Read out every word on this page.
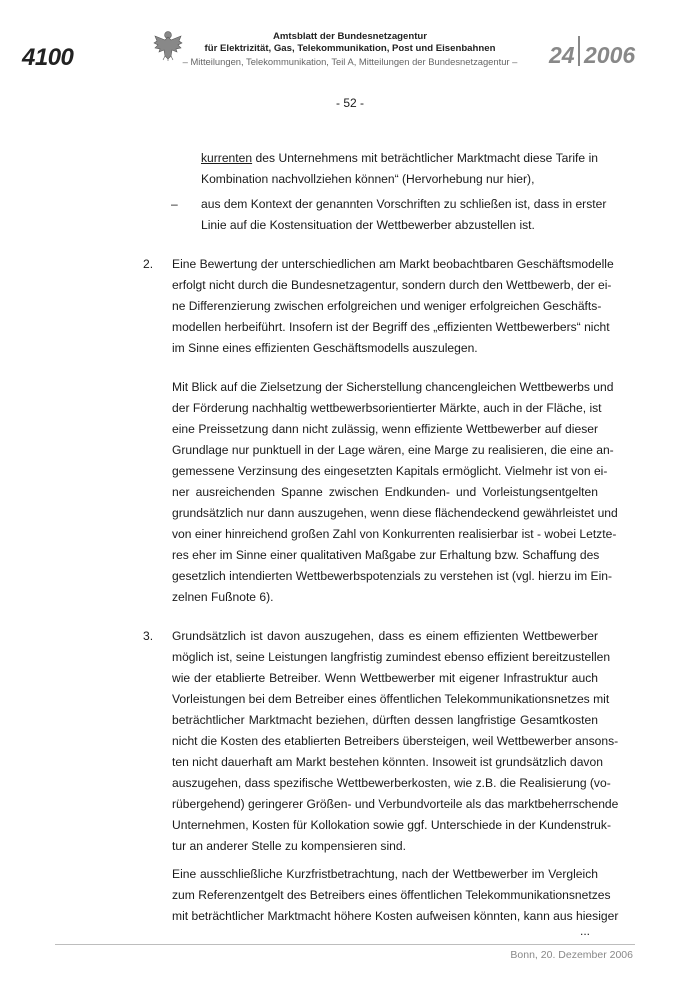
4100
Amtsblatt der Bundesnetzagentur
für Elektrizität, Gas, Telekommunikation, Post und Eisenbahnen
– Mitteilungen, Telekommunikation, Teil A, Mitteilungen der Bundesnetzagentur –	24 2006
- 52 -
kurrenten des Unternehmens mit beträchtlicher Marktmacht diese Tarife in
Kombination nachvollziehen können“ (Hervorhebung nur hier),
– aus dem Kontext der genannten Vorschriften zu schließen ist, dass in erster
Linie auf die Kostensituation der Wettbewerber abzustellen ist.
2. Eine Bewertung der unterschiedlichen am Markt beobachtbaren Geschäftsmodelle
erfolgt nicht durch die Bundesnetzagentur, sondern durch den Wettbewerb, der ei-
ne Differenzierung zwischen erfolgreichen und weniger erfolgreichen Geschäfts-
modellen herbeiführt. Insofern ist der Begriff des „effizienten Wettbewerbers“ nicht
im Sinne eines effizienten Geschäftsmodells auszulegen.
Mit Blick auf die Zielsetzung der Sicherstellung chancengleichen Wettbewerbs und
der Förderung nachhaltig wettbewerbsorientierter Märkte, auch in der Fläche, ist
eine Preissetzung dann nicht zulässig, wenn effiziente Wettbewerber auf dieser
Grundlage nur punktuell in der Lage wären, eine Marge zu realisieren, die eine an-
gemessene Verzinsung des eingesetzten Kapitals ermöglicht. Vielmehr ist von ei-
ner ausreichenden Spanne zwischen Endkunden- und Vorleistungsentgelten
grundsätzlich nur dann auszugehen, wenn diese flächendeckend gewährleistet und
von einer hinreichend großen Zahl von Konkurrenten realisierbar ist - wobei Letzte-
res eher im Sinne einer qualitativen Maßgabe zur Erhaltung bzw. Schaffung des
gesetzlich intendierten Wettbewerbspotenzials zu verstehen ist (vgl. hierzu im Ein-
zelnen Fußnote 6).
3. Grundsätzlich ist davon auszugehen, dass es einem effizienten Wettbewerber
möglich ist, seine Leistungen langfristig zumindest ebenso effizient bereitzustellen
wie der etablierte Betreiber. Wenn Wettbewerber mit eigener Infrastruktur auch
Vorleistungen bei dem Betreiber eines öffentlichen Telekommunikationsnetzes mit
beträchtlicher Marktmacht beziehen, dürften dessen langfristige Gesamtkosten
nicht die Kosten des etablierten Betreibers übersteigen, weil Wettbewerber ansons-
ten nicht dauerhaft am Markt bestehen könnten. Insoweit ist grundsätzlich davon
auszugehen, dass spezifische Wettbewerberkosten, wie z.B. die Realisierung (vo-
rübergehend) geringerer Größen- und Verbundvorteile als das marktbeherrschende
Unternehmen, Kosten für Kollokation sowie ggf. Unterschiede in der Kundenstruk-
tur an anderer Stelle zu kompensieren sind.
Eine ausschließliche Kurzfristbetrachtung, nach der Wettbewerber im Vergleich
zum Referenzentgelt des Betreibers eines öffentlichen Telekommunikationsnetzes
mit beträchtlicher Marktmacht höhere Kosten aufweisen könnten, kann aus hiesiger
...
Bonn, 20. Dezember 2006
